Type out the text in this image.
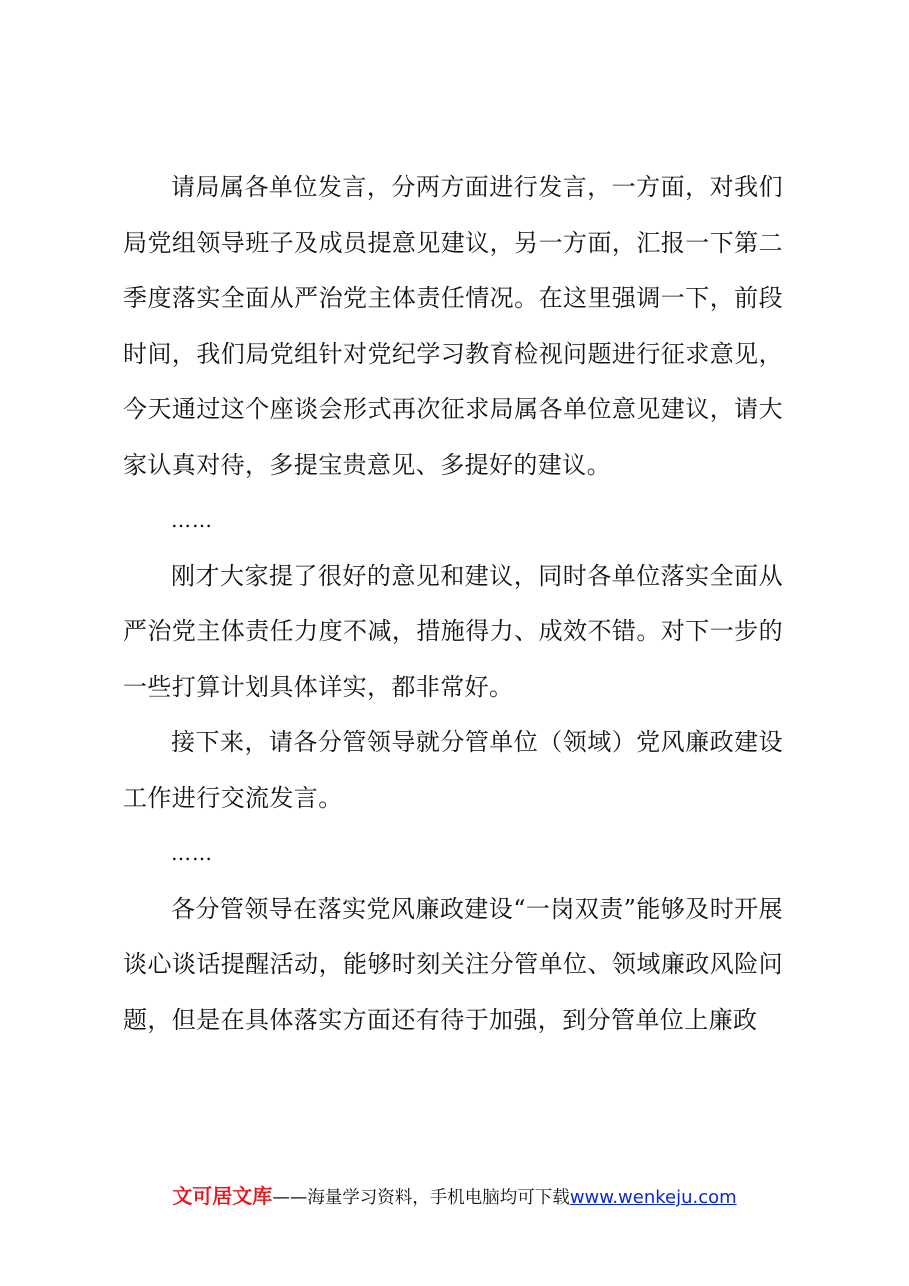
请局属各单位发言，分两方面进行发言，一方面，对我们局党组领导班子及成员提意见建议，另一方面，汇报一下第二季度落实全面从严治党主体责任情况。在这里强调一下，前段时间，我们局党组针对党纪学习教育检视问题进行征求意见，今天通过这个座谈会形式再次征求局属各单位意见建议，请大家认真对待，多提宝贵意见、多提好的建议。

……

刚才大家提了很好的意见和建议，同时各单位落实全面从严治党主体责任力度不减，措施得力、成效不错。对下一步的一些打算计划具体详实，都非常好。

接下来，请各分管领导就分管单位（领域）党风廉政建设工作进行交流发言。

……

各分管领导在落实党风廉政建设“一岗双责”能够及时开展谈心谈话提醒活动，能够时刻关注分管单位、领域廉政风险问题，但是在具体落实方面还有待于加强，到分管单位上廉政

文可居文库——海量学习资料，手机电脑均可下载www.wenkeju.com
